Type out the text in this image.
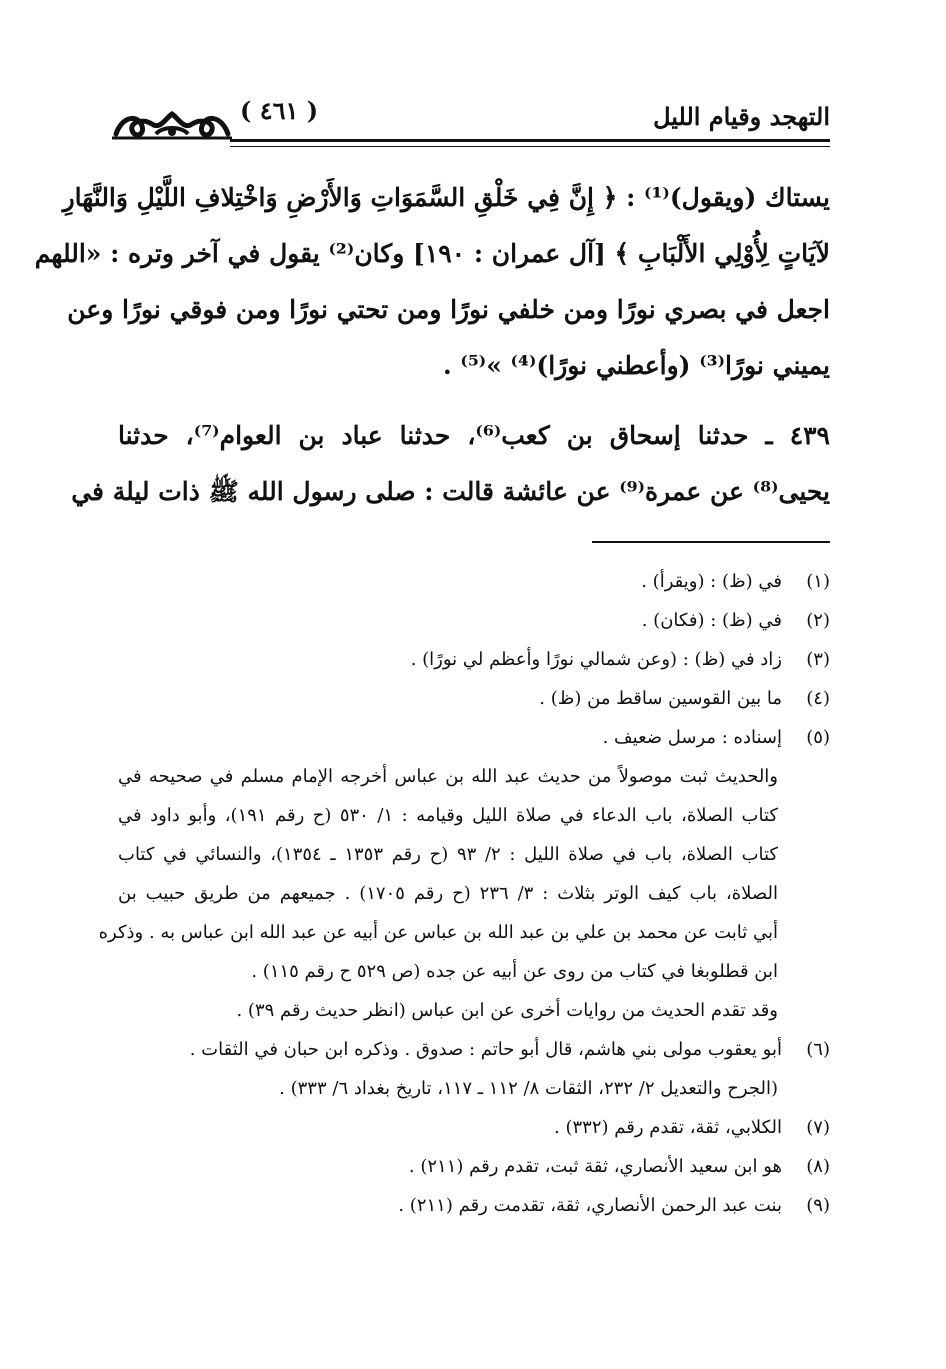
التهجد وقيام الليل
( ٤٦١ )
يستاك (ويقول)⁽¹⁾ : ﴿ إِنَّ فِي خَلْقِ السَّمَوَاتِ وَالأَرْضِ وَاخْتِلافِ اللَّيْلِ وَالنَّهَارِ
لآيَاتٍ لِأُوْلِي الأَلْبَابِ ﴾ [آل عمران : ١٩٠] وكان⁽²⁾ يقول في آخر وتره : «اللهم
اجعل في بصري نورًا ومن خلفي نورًا ومن تحتي نورًا ومن فوقي نورًا وعن
يميني نورًا⁽³⁾ (وأعطني نورًا)⁽⁴⁾ »⁽⁵⁾ .
٤٣٩ ـ حدثنا إسحاق بن كعب⁽⁶⁾، حدثنا عباد بن العوام⁽⁷⁾، حدثنا
يحيى⁽⁸⁾ عن عمرة⁽⁹⁾ عن عائشة قالت : صلى رسول الله ﷺ ذات ليلة في
(١)في (ظ) : (ويقرأ) .
(٢)في (ظ) : (فكان) .
(٣)زاد في (ظ) : (وعن شمالي نورًا وأعظم لي نورًا) .
(٤)ما بين القوسين ساقط من (ظ) .
(٥)إسناده : مرسل ضعيف .
والحديث ثبت موصولاً من حديث عبد الله بن عباس أخرجه الإمام مسلم في صحيحه في
كتاب الصلاة، باب الدعاء في صلاة الليل وقيامه : ١/ ٥٣٠ (ح رقم ١٩١)، وأبو داود في
كتاب الصلاة، باب في صلاة الليل : ٢/ ٩٣ (ح رقم ١٣٥٣ ـ ١٣٥٤)، والنسائي في كتاب
الصلاة، باب كيف الوتر بثلاث : ٣/ ٢٣٦ (ح رقم ١٧٠٥) . جميعهم من طريق حبيب بن
أبي ثابت عن محمد بن علي بن عبد الله بن عباس عن أبيه عن عبد الله ابن عباس به . وذكره
ابن قطلوبغا في كتاب من روى عن أبيه عن جده (ص ٥٢٩ ح رقم ١١٥) .
وقد تقدم الحديث من روايات أخرى عن ابن عباس (انظر حديث رقم ٣٩) .
(٦)أبو يعقوب مولى بني هاشم، قال أبو حاتم : صدوق . وذكره ابن حبان في الثقات .
(الجرح والتعديل ٢/ ٢٣٢، الثقات ٨/ ١١٢ ـ ١١٧، تاريخ بغداد ٦/ ٣٣٣) .
(٧)الكلابي، ثقة، تقدم رقم (٣٣٢) .
(٨)هو ابن سعيد الأنصاري، ثقة ثبت، تقدم رقم (٢١١) .
(٩)بنت عبد الرحمن الأنصاري، ثقة، تقدمت رقم (٢١١) .
